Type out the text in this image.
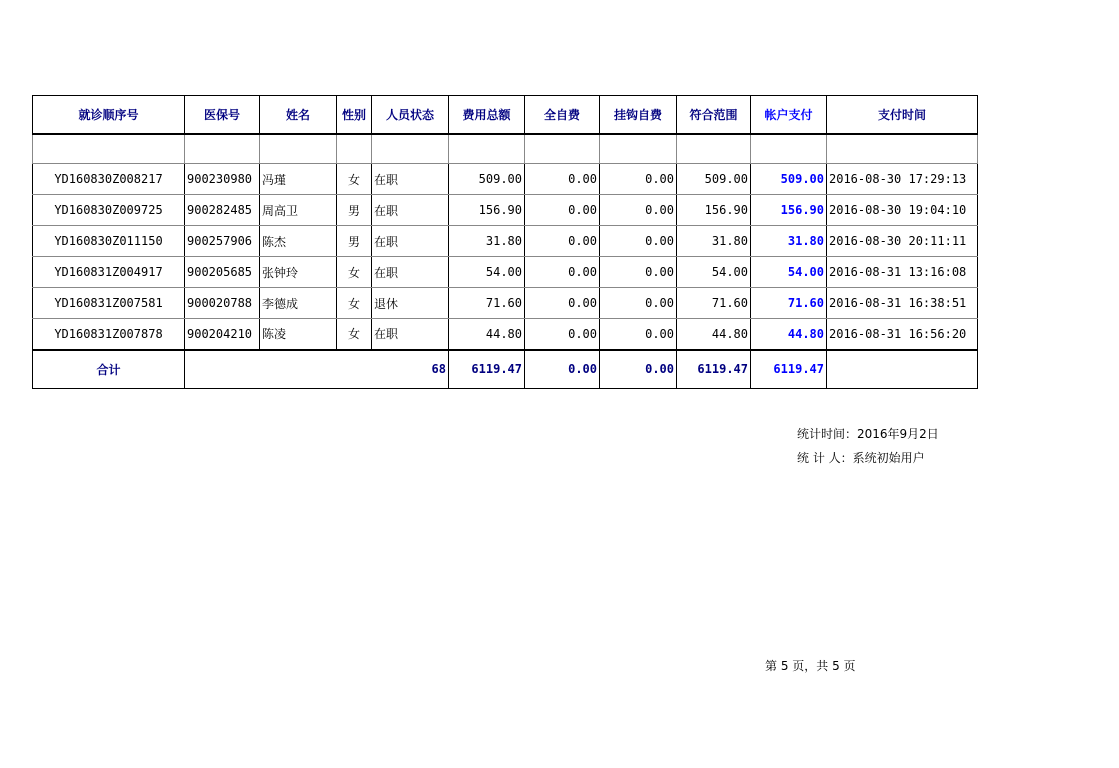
就诊顺序号	医保号	姓名	性别	人员状态	费用总额	全自费	挂钩自费	符合范围	帐户支付	支付时间

YD160830Z008217	900230980	冯瑾	女	在职	509.00	0.00	0.00	509.00	509.00	2016-08-30 17:29:13
YD160830Z009725	900282485	周高卫	男	在职	156.90	0.00	0.00	156.90	156.90	2016-08-30 19:04:10
YD160830Z011150	900257906	陈杰	男	在职	31.80	0.00	0.00	31.80	31.80	2016-08-30 20:11:11
YD160831Z004917	900205685	张钟玲	女	在职	54.00	0.00	0.00	54.00	54.00	2016-08-31 13:16:08
YD160831Z007581	900020788	李德成	女	退休	71.60	0.00	0.00	71.60	71.60	2016-08-31 16:38:51
YD160831Z007878	900204210	陈凌	女	在职	44.80	0.00	0.00	44.80	44.80	2016-08-31 16:56:20
合计	68				6119.47	0.00	0.00	6119.47	6119.47	
统计时间：2016年9月2日
统 计 人：系统初始用户
第 5 页，共 5 页
